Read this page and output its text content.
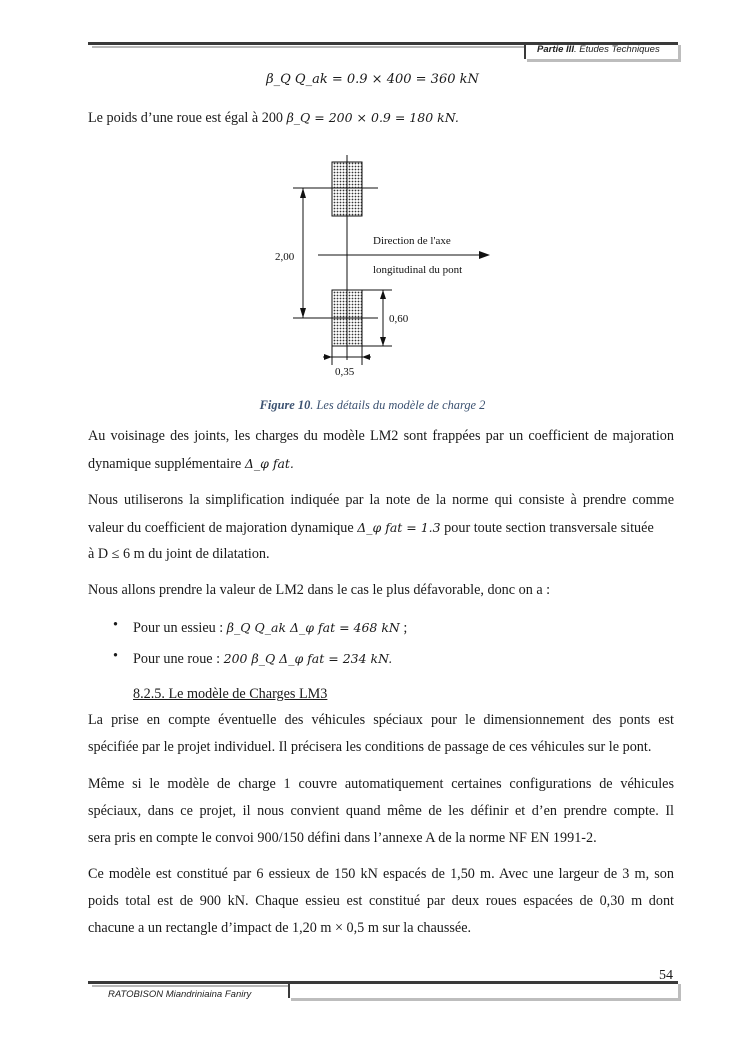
Partie III. Études Techniques
β_Q Q_ak = 0.9 × 400 = 360 kN
Le poids d’une roue est égal à 200 β_Q = 200 × 0.9 = 180 kN.
2,00
0,60
0,35
Direction de l'axe
longitudinal du pont
Figure 10. Les détails du modèle de charge 2
Au voisinage des joints, les charges du modèle LM2 sont frappées par un coefficient de majoration
dynamique supplémentaire Δ_φ fat.
Nous utiliserons la simplification indiquée par la note de la norme qui consiste à prendre comme
valeur du coefficient de majoration dynamique Δ_φ fat = 1.3 pour toute section transversale située
à D ≤ 6 m du joint de dilatation.
Nous allons prendre la valeur de LM2 dans le cas le plus défavorable, donc on a :
• Pour un essieu : β_Q Q_ak Δ_φ fat = 468 kN ;
• Pour une roue : 200 β_Q Δ_φ fat = 234 kN.
8.2.5. Le modèle de Charges LM3
La prise en compte éventuelle des véhicules spéciaux pour le dimensionnement des ponts est
spécifiée par le projet individuel. Il précisera les conditions de passage de ces véhicules sur le pont.
Même si le modèle de charge 1 couvre automatiquement certaines configurations de véhicules
spéciaux, dans ce projet, il nous convient quand même de les définir et d’en prendre compte. Il
sera pris en compte le convoi 900/150 défini dans l’annexe A de la norme NF EN 1991-2.
Ce modèle est constitué par 6 essieux de 150 kN espacés de 1,50 m. Avec une largeur de 3 m, son
poids total est de 900 kN. Chaque essieu est constitué par deux roues espacées de 0,30 m dont
chacune a un rectangle d’impact de 1,20 m × 0,5 m sur la chaussée.
54
RATOBISON Miandriniaina Faniry
